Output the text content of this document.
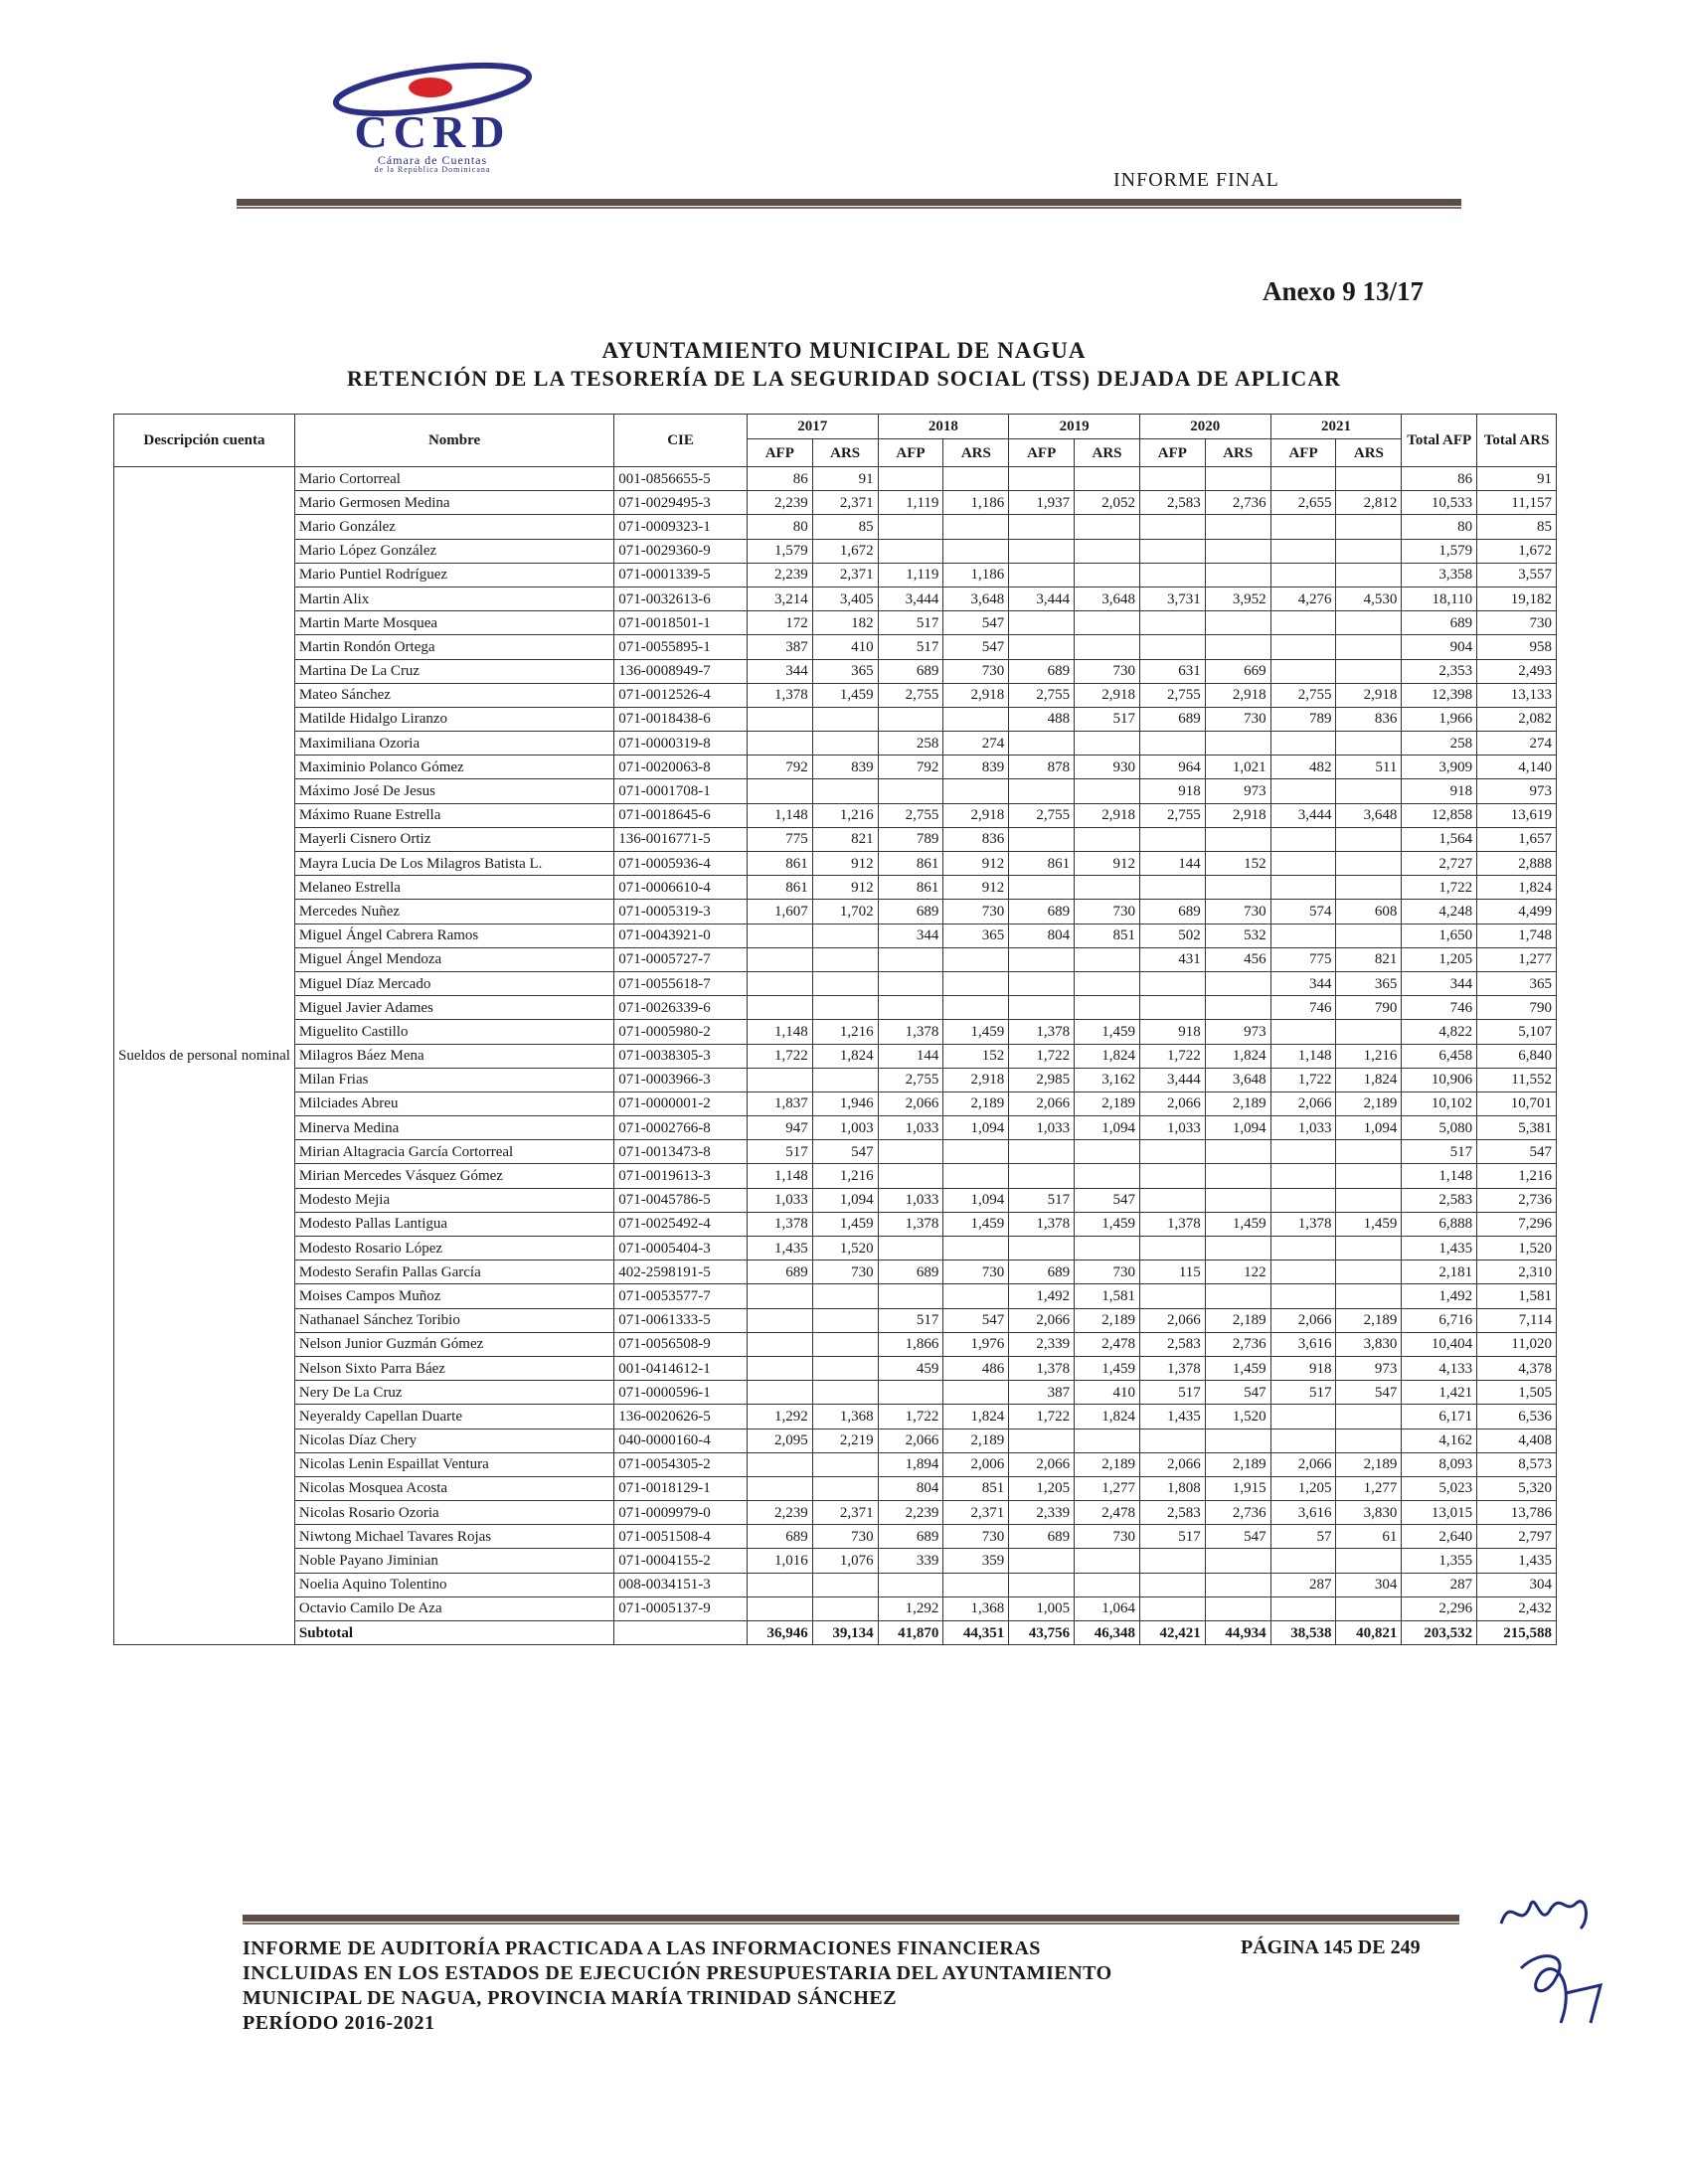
CCRD
Cámara de Cuentas
de la República Dominicana	INFORME FINAL
Anexo 9 13/17
AYUNTAMIENTO MUNICIPAL DE NAGUA
RETENCIÓN DE LA TESORERÍA DE LA SEGURIDAD SOCIAL (TSS) DEJADA DE APLICAR
Descripción cuenta	Nombre	CIE	2017		2018		2019		2020		2021		Total AFP	Total ARS
			AFP	ARS	AFP	ARS	AFP	ARS	AFP	ARS	AFP	ARS		
Sueldos de personal nominal	Mario Cortorreal	001-0856655-5	86	91									86	91
	Mario Germosen Medina	071-0029495-3	2,239	2,371	1,119	1,186	1,937	2,052	2,583	2,736	2,655	2,812	10,533	11,157
	Mario González	071-0009323-1	80	85									80	85
	Mario López González	071-0029360-9	1,579	1,672									1,579	1,672
	Mario Puntiel Rodríguez	071-0001339-5	2,239	2,371	1,119	1,186							3,358	3,557
	Martin Alix	071-0032613-6	3,214	3,405	3,444	3,648	3,444	3,648	3,731	3,952	4,276	4,530	18,110	19,182
	Martin Marte Mosquea	071-0018501-1	172	182	517	547							689	730
	Martin Rondón Ortega	071-0055895-1	387	410	517	547							904	958
	Martina De La Cruz	136-0008949-7	344	365	689	730	689	730	631	669			2,353	2,493
	Mateo Sánchez	071-0012526-4	1,378	1,459	2,755	2,918	2,755	2,918	2,755	2,918	2,755	2,918	12,398	13,133
	Matilde Hidalgo Liranzo	071-0018438-6					488	517	689	730	789	836	1,966	2,082
	Maximiliana Ozoria	071-0000319-8			258	274							258	274
	Maximinio Polanco Gómez	071-0020063-8	792	839	792	839	878	930	964	1,021	482	511	3,909	4,140
	Máximo José De Jesus	071-0001708-1							918	973			918	973
	Máximo Ruane Estrella	071-0018645-6	1,148	1,216	2,755	2,918	2,755	2,918	2,755	2,918	3,444	3,648	12,858	13,619
	Mayerli Cisnero Ortiz	136-0016771-5	775	821	789	836							1,564	1,657
	Mayra Lucia De Los Milagros Batista L.	071-0005936-4	861	912	861	912	861	912	144	152			2,727	2,888
	Melaneo Estrella	071-0006610-4	861	912	861	912							1,722	1,824
	Mercedes Nuñez	071-0005319-3	1,607	1,702	689	730	689	730	689	730	574	608	4,248	4,499
	Miguel Ángel Cabrera Ramos	071-0043921-0			344	365	804	851	502	532			1,650	1,748
	Miguel Ángel Mendoza	071-0005727-7							431	456	775	821	1,205	1,277
	Miguel Díaz Mercado	071-0055618-7									344	365	344	365
	Miguel Javier Adames	071-0026339-6									746	790	746	790
	Miguelito Castillo	071-0005980-2	1,148	1,216	1,378	1,459	1,378	1,459	918	973			4,822	5,107
	Milagros Báez Mena	071-0038305-3	1,722	1,824	144	152	1,722	1,824	1,722	1,824	1,148	1,216	6,458	6,840
	Milan Frias	071-0003966-3			2,755	2,918	2,985	3,162	3,444	3,648	1,722	1,824	10,906	11,552
	Milciades Abreu	071-0000001-2	1,837	1,946	2,066	2,189	2,066	2,189	2,066	2,189	2,066	2,189	10,102	10,701
	Minerva Medina	071-0002766-8	947	1,003	1,033	1,094	1,033	1,094	1,033	1,094	1,033	1,094	5,080	5,381
	Mirian Altagracia García Cortorreal	071-0013473-8	517	547									517	547
	Mirian Mercedes Vásquez Gómez	071-0019613-3	1,148	1,216									1,148	1,216
	Modesto Mejia	071-0045786-5	1,033	1,094	1,033	1,094	517	547					2,583	2,736
	Modesto Pallas Lantigua	071-0025492-4	1,378	1,459	1,378	1,459	1,378	1,459	1,378	1,459	1,378	1,459	6,888	7,296
	Modesto Rosario López	071-0005404-3	1,435	1,520									1,435	1,520
	Modesto Serafin Pallas García	402-2598191-5	689	730	689	730	689	730	115	122			2,181	2,310
	Moises Campos Muñoz	071-0053577-7					1,492	1,581					1,492	1,581
	Nathanael Sánchez Toribio	071-0061333-5			517	547	2,066	2,189	2,066	2,189	2,066	2,189	6,716	7,114
	Nelson Junior Guzmán Gómez	071-0056508-9			1,866	1,976	2,339	2,478	2,583	2,736	3,616	3,830	10,404	11,020
	Nelson Sixto Parra Báez	001-0414612-1			459	486	1,378	1,459	1,378	1,459	918	973	4,133	4,378
	Nery De La Cruz	071-0000596-1					387	410	517	547	517	547	1,421	1,505
	Neyeraldy Capellan Duarte	136-0020626-5	1,292	1,368	1,722	1,824	1,722	1,824	1,435	1,520			6,171	6,536
	Nicolas Díaz Chery	040-0000160-4	2,095	2,219	2,066	2,189							4,162	4,408
	Nicolas Lenin Espaillat Ventura	071-0054305-2			1,894	2,006	2,066	2,189	2,066	2,189	2,066	2,189	8,093	8,573
	Nicolas Mosquea Acosta	071-0018129-1			804	851	1,205	1,277	1,808	1,915	1,205	1,277	5,023	5,320
	Nicolas Rosario Ozoria	071-0009979-0	2,239	2,371	2,239	2,371	2,339	2,478	2,583	2,736	3,616	3,830	13,015	13,786
	Niwtong Michael Tavares Rojas	071-0051508-4	689	730	689	730	689	730	517	547	57	61	2,640	2,797
	Noble Payano Jiminian	071-0004155-2	1,016	1,076	339	359							1,355	1,435
	Noelia Aquino Tolentino	008-0034151-3									287	304	287	304
	Octavio Camilo De Aza	071-0005137-9			1,292	1,368	1,005	1,064					2,296	2,432
	Subtotal		36,946	39,134	41,870	44,351	43,756	46,348	42,421	44,934	38,538	40,821	203,532	215,588
INFORME DE AUDITORÍA PRACTICADA A LAS INFORMACIONES FINANCIERAS
INCLUIDAS EN LOS ESTADOS DE EJECUCIÓN PRESUPUESTARIA DEL AYUNTAMIENTO
MUNICIPAL DE NAGUA, PROVINCIA MARÍA TRINIDAD SÁNCHEZ
PERÍODO 2016-2021
PÁGINA 145 DE 249
